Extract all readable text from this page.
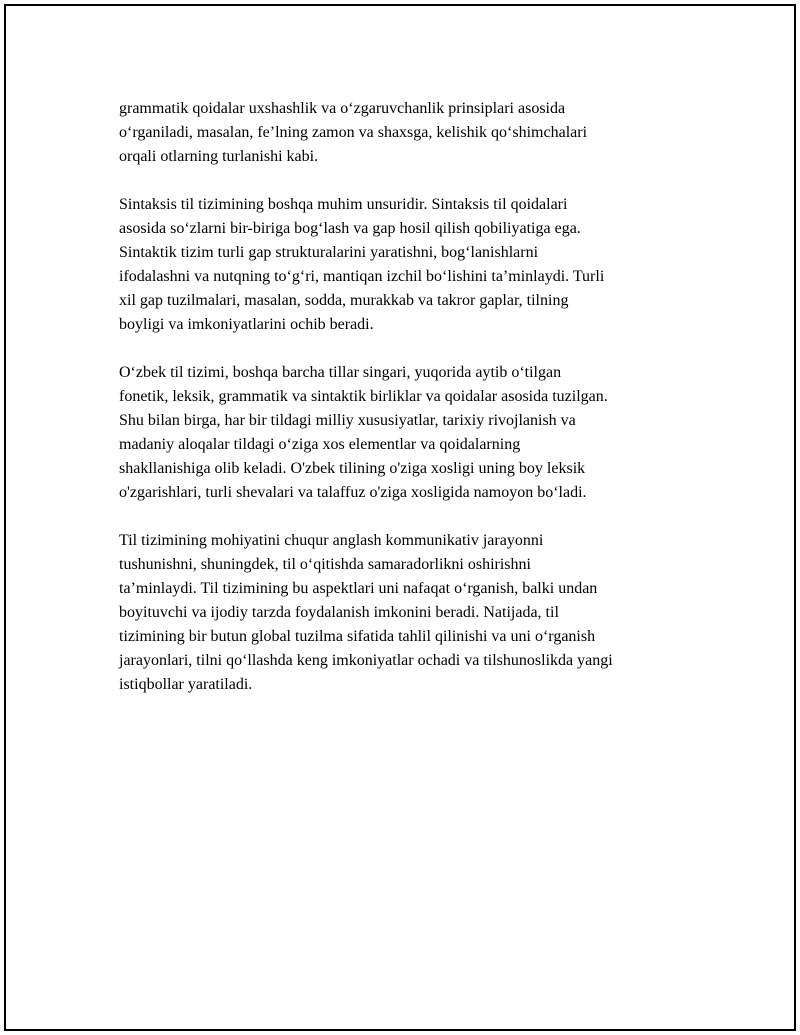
grammatik qoidalar uxshashlik va o‘zgaruvchanlik prinsiplari asosida
o‘rganiladi, masalan, fe’lning zamon va shaxsga, kelishik qo‘shimchalari
orqali otlarning turlanishi kabi.

Sintaksis til tizimining boshqa muhim unsuridir. Sintaksis til qoidalari
asosida so‘zlarni bir-biriga bog‘lash va gap hosil qilish qobiliyatiga ega.
Sintaktik tizim turli gap strukturalarini yaratishni, bog‘lanishlarni
ifodalashni va nutqning to‘g‘ri, mantiqan izchil bo‘lishini ta’minlaydi. Turli
xil gap tuzilmalari, masalan, sodda, murakkab va takror gaplar, tilning
boyligi va imkoniyatlarini ochib beradi.

O‘zbek til tizimi, boshqa barcha tillar singari, yuqorida aytib o‘tilgan
fonetik, leksik, grammatik va sintaktik birliklar va qoidalar asosida tuzilgan.
Shu bilan birga, har bir tildagi milliy xususiyatlar, tarixiy rivojlanish va
madaniy aloqalar tildagi o‘ziga xos elementlar va qoidalarning
shakllanishiga olib keladi. O'zbek tilining o'ziga xosligi uning boy leksik
o'zgarishlari, turli shevalari va talaffuz o'ziga xosligida namoyon bo‘ladi.

Til tizimining mohiyatini chuqur anglash kommunikativ jarayonni
tushunishni, shuningdek, til o‘qitishda samaradorlikni oshirishni
ta’minlaydi. Til tizimining bu aspektlari uni nafaqat o‘rganish, balki undan
boyituvchi va ijodiy tarzda foydalanish imkonini beradi. Natijada, til
tizimining bir butun global tuzilma sifatida tahlil qilinishi va uni o‘rganish
jarayonlari, tilni qo‘llashda keng imkoniyatlar ochadi va tilshunoslikda yangi
istiqbollar yaratiladi.
